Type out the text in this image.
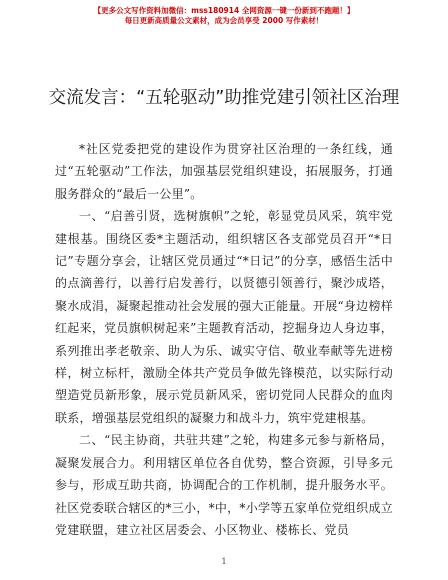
【更多公文写作资料加微信：mss180914 全网资源一键一份新到不跑题！】
每日更新高质量公文素材，成为会员享受 2000 写作素材！
交流发言：“五轮驱动”助推党建引领社区治理

*社区党委把党的建设作为贯穿社区治理的一条红线，通过“五轮驱动”工作法，加强基层党组织建设，拓展服务，打通服务群众的“最后一公里”。

一、“启善引贤，选树旗帜”之轮，彰显党员风采，筑牢党建根基。围绕区委*主题活动，组织辖区各支部党员召开“*日记”专题分享会，让辖区党员通过“*日记”的分享，感悟生活中的点滴善行，以善行启发善行，以贤德引领善行，聚沙成塔，聚水成涓，凝聚起推动社会发展的强大正能量。开展“身边榜样红起来，党员旗帜树起来”主题教育活动，挖掘身边人身边事，系列推出孝老敬亲、助人为乐、诚实守信、敬业奉献等先进榜样，树立标杆，激励全体共产党员争做先锋模范，以实际行动塑造党员新形象，展示党员新风采，密切党同人民群众的血肉联系，增强基层党组织的凝聚力和战斗力，筑牢党建根基。

二、“民主协商，共驻共建”之轮，构建多元参与新格局，凝聚发展合力。利用辖区单位各自优势，整合资源，引导多元参与，形成互助共商，协调配合的工作机制，提升服务水平。社区党委联合辖区的*三小，*中，*小学等五家单位党组织成立党建联盟，建立社区居委会、小区物业、楼栋长、党员

1
